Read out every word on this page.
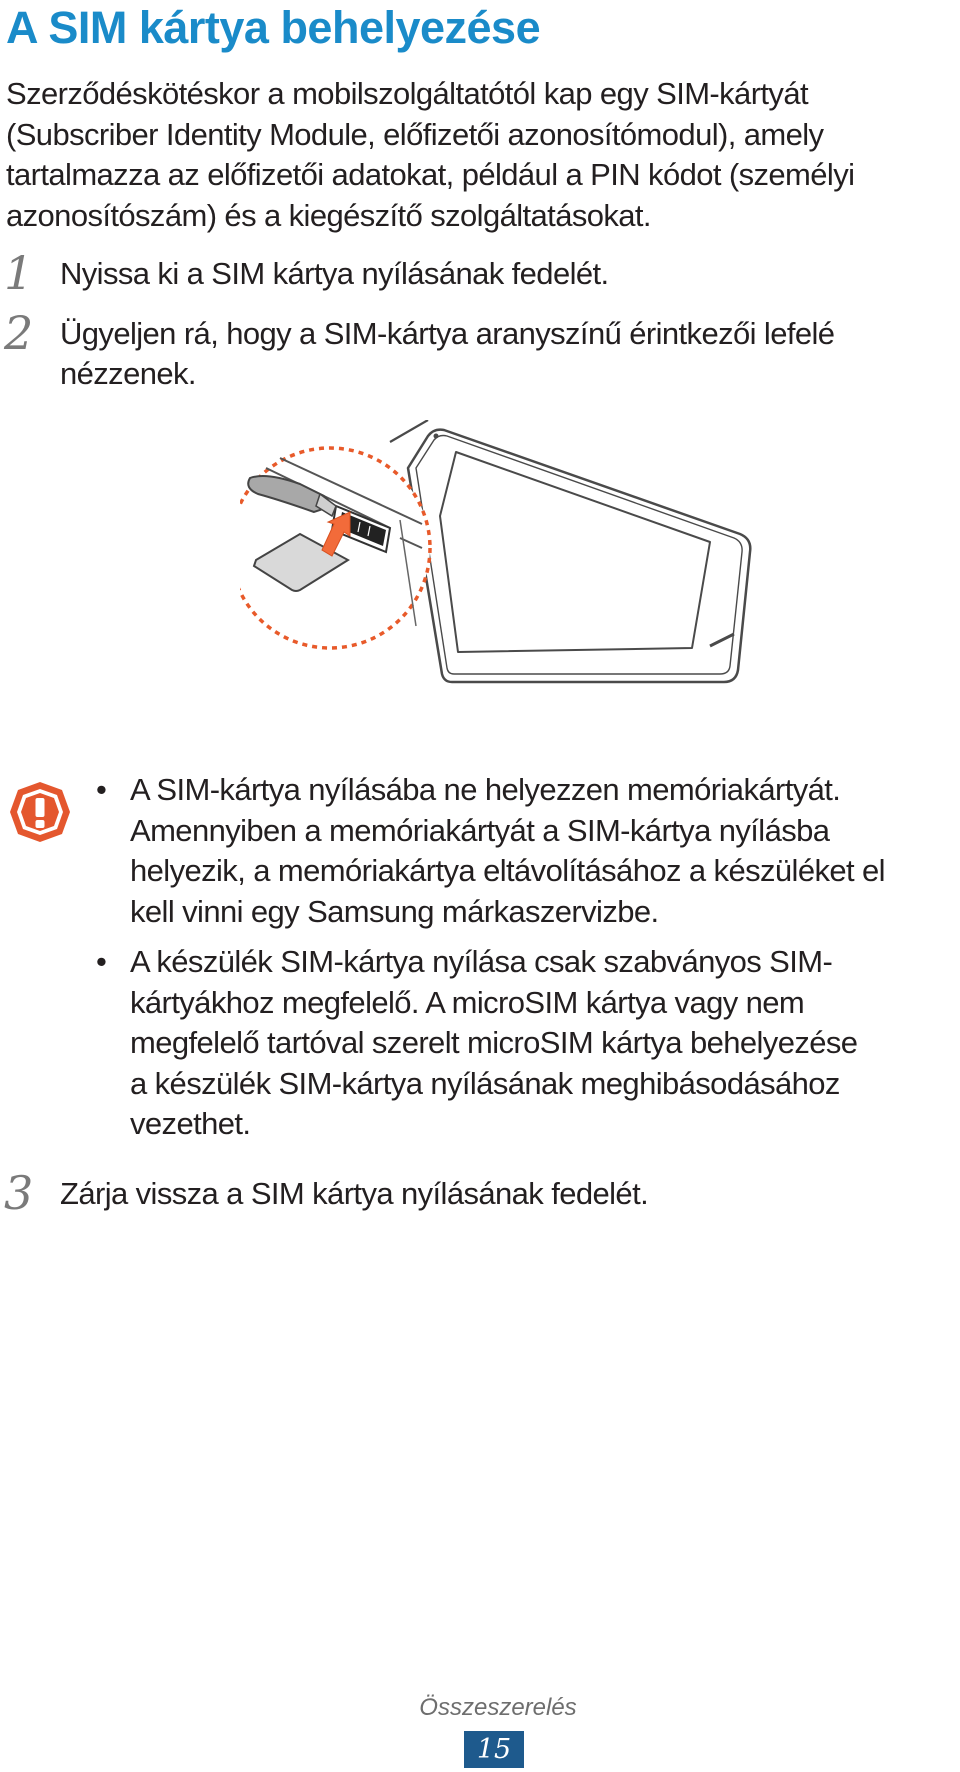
A SIM kártya behelyezése

Szerződéskötéskor a mobilszolgáltatótól kap egy SIM-kártyát
(Subscriber Identity Module, előfizetői azonosítómodul), amely
tartalmazza az előfizetői adatokat, például a PIN kódot (személyi
azonosítószám) és a kiegészítő szolgáltatásokat.

1 Nyissa ki a SIM kártya nyílásának fedelét.
2 Ügyeljen rá, hogy a SIM-kártya aranyszínű érintkezői lefelé
nézzenek.
• A SIM-kártya nyílásába ne helyezzen memóriakártyát.
Amennyiben a memóriakártyát a SIM-kártya nyílásba
helyezik, a memóriakártya eltávolításához a készüléket el
kell vinni egy Samsung márkaszervizbe.
• A készülék SIM-kártya nyílása csak szabványos SIM-
kártyákhoz megfelelő. A microSIM kártya vagy nem
megfelelő tartóval szerelt microSIM kártya behelyezése
a készülék SIM-kártya nyílásának meghibásodásához
vezethet.
3 Zárja vissza a SIM kártya nyílásának fedelét.
Összeszerelés
15
